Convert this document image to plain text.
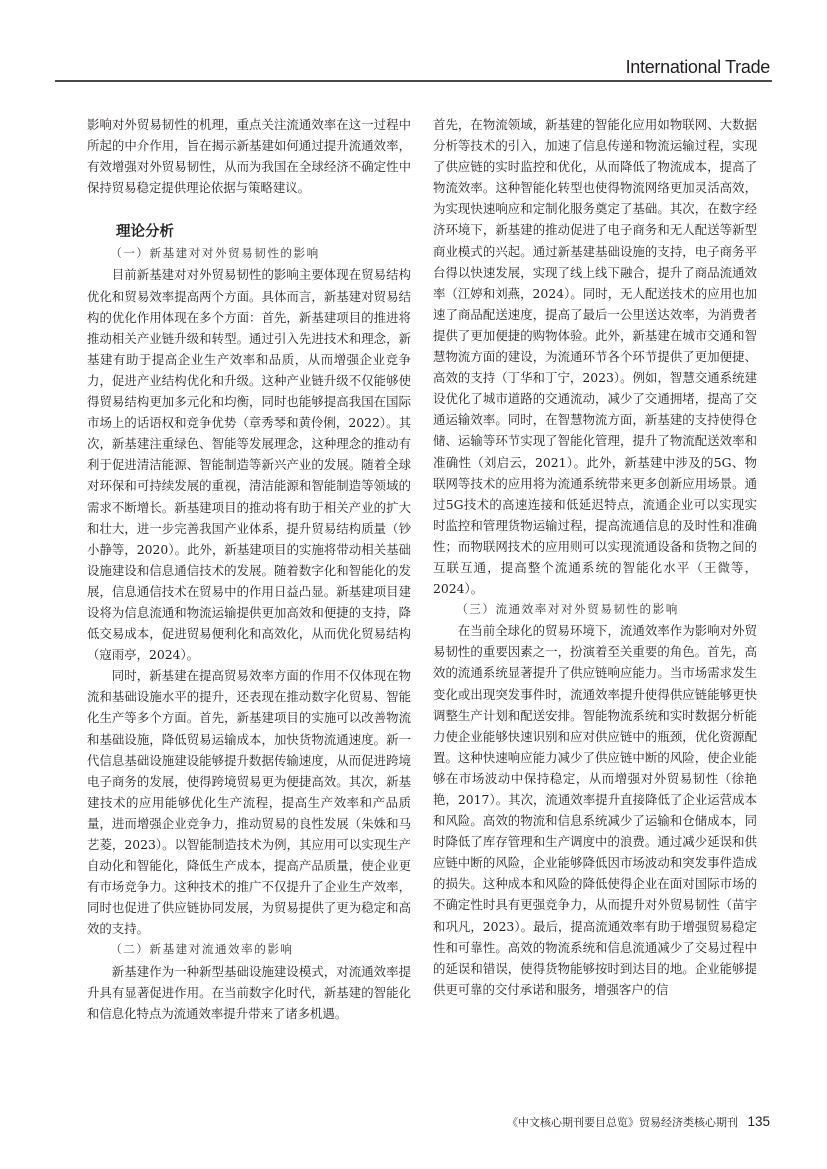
International Trade

影响对外贸易韧性的机理，重点关注流通效率在这一过程中所起的中介作用，旨在揭示新基建如何通过提升流通效率，有效增强对外贸易韧性，从而为我国在全球经济不确定性中保持贸易稳定提供理论依据与策略建议。

理论分析
（一）新基建对对外贸易韧性的影响

目前新基建对对外贸易韧性的影响主要体现在贸易结构优化和贸易效率提高两个方面。具体而言，新基建对贸易结构的优化作用体现在多个方面：首先，新基建项目的推进将推动相关产业链升级和转型。通过引入先进技术和理念，新基建有助于提高企业生产效率和品质，从而增强企业竞争力，促进产业结构优化和升级。这种产业链升级不仅能够使得贸易结构更加多元化和均衡，同时也能够提高我国在国际市场上的话语权和竞争优势（章秀琴和黄伶俐，2022）。其次，新基建注重绿色、智能等发展理念，这种理念的推动有利于促进清洁能源、智能制造等新兴产业的发展。随着全球对环保和可持续发展的重视，清洁能源和智能制造等领域的需求不断增长。新基建项目的推动将有助于相关产业的扩大和壮大，进一步完善我国产业体系，提升贸易结构质量（钞小静等，2020）。此外，新基建项目的实施将带动相关基础设施建设和信息通信技术的发展。随着数字化和智能化的发展，信息通信技术在贸易中的作用日益凸显。新基建项目建设将为信息流通和物流运输提供更加高效和便捷的支持，降低交易成本，促进贸易便利化和高效化，从而优化贸易结构（寇雨亭，2024）。

同时，新基建在提高贸易效率方面的作用不仅体现在物流和基础设施水平的提升，还表现在推动数字化贸易、智能化生产等多个方面。首先，新基建项目的实施可以改善物流和基础设施，降低贸易运输成本，加快货物流通速度。新一代信息基础设施建设能够提升数据传输速度，从而促进跨境电子商务的发展，使得跨境贸易更为便捷高效。其次，新基建技术的应用能够优化生产流程，提高生产效率和产品质量，进而增强企业竞争力，推动贸易的良性发展（朱姝和马艺菱，2023）。以智能制造技术为例，其应用可以实现生产自动化和智能化，降低生产成本，提高产品质量，使企业更有市场竞争力。这种技术的推广不仅提升了企业生产效率，同时也促进了供应链协同发展，为贸易提供了更为稳定和高效的支持。

（二）新基建对流通效率的影响

新基建作为一种新型基础设施建设模式，对流通效率提升具有显著促进作用。在当前数字化时代，新基建的智能化和信息化特点为流通效率提升带来了诸多机遇。

首先，在物流领域，新基建的智能化应用如物联网、大数据分析等技术的引入，加速了信息传递和物流运输过程，实现了供应链的实时监控和优化，从而降低了物流成本，提高了物流效率。这种智能化转型也使得物流网络更加灵活高效，为实现快速响应和定制化服务奠定了基础。其次，在数字经济环境下，新基建的推动促进了电子商务和无人配送等新型商业模式的兴起。通过新基建基础设施的支持，电子商务平台得以快速发展，实现了线上线下融合，提升了商品流通效率（江婷和刘燕，2024）。同时，无人配送技术的应用也加速了商品配送速度，提高了最后一公里送达效率，为消费者提供了更加便捷的购物体验。此外，新基建在城市交通和智慧物流方面的建设，为流通环节各个环节提供了更加便捷、高效的支持（丁华和丁宁，2023）。例如，智慧交通系统建设优化了城市道路的交通流动，减少了交通拥堵，提高了交通运输效率。同时，在智慧物流方面，新基建的支持使得仓储、运输等环节实现了智能化管理，提升了物流配送效率和准确性（刘启云，2021）。此外，新基建中涉及的5G、物联网等技术的应用将为流通系统带来更多创新应用场景。通过5G技术的高速连接和低延迟特点，流通企业可以实现实时监控和管理货物运输过程，提高流通信息的及时性和准确性；而物联网技术的应用则可以实现流通设备和货物之间的互联互通，提高整个流通系统的智能化水平（王微等，2024）。

（三）流通效率对对外贸易韧性的影响

在当前全球化的贸易环境下，流通效率作为影响对外贸易韧性的重要因素之一，扮演着至关重要的角色。首先，高效的流通系统显著提升了供应链响应能力。当市场需求发生变化或出现突发事件时，流通效率提升使得供应链能够更快调整生产计划和配送安排。智能物流系统和实时数据分析能力使企业能够快速识别和应对供应链中的瓶颈，优化资源配置。这种快速响应能力减少了供应链中断的风险，使企业能够在市场波动中保持稳定，从而增强对外贸易韧性（徐艳艳，2017）。其次，流通效率提升直接降低了企业运营成本和风险。高效的物流和信息系统减少了运输和仓储成本，同时降低了库存管理和生产调度中的浪费。通过减少延误和供应链中断的风险，企业能够降低因市场波动和突发事件造成的损失。这种成本和风险的降低使得企业在面对国际市场的不确定性时具有更强竞争力，从而提升对外贸易韧性（苗宇和巩凡，2023）。最后，提高流通效率有助于增强贸易稳定性和可靠性。高效的物流系统和信息流通减少了交易过程中的延误和错误，使得货物能够按时到达目的地。企业能够提供更可靠的交付承诺和服务，增强客户的信

《中文核心期刊要目总览》贸易经济类核心期刊 135
